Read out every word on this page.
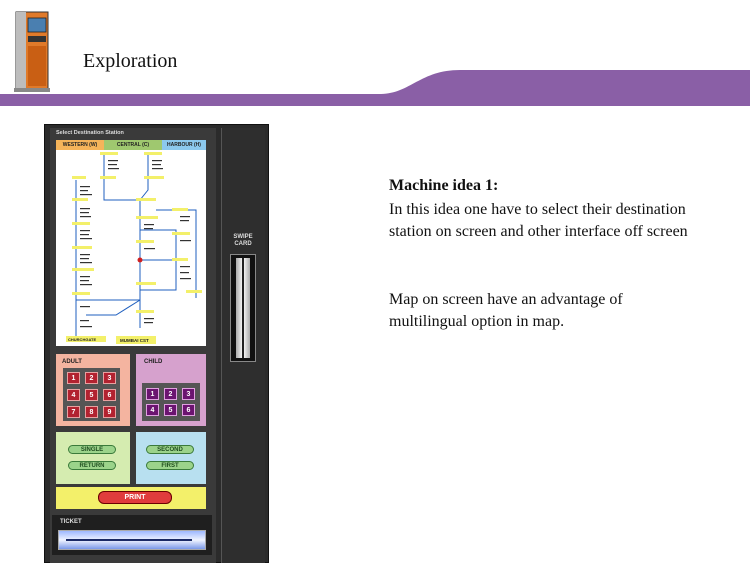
Exploration
Select Destination Station
WESTERN (W)	CENTRAL (C)	HARBOUR (H)
CHURCHGATE	MUMBAI CST
ADULT
1	2	3
4	5	6
7	8	9
CHILD
1	2	3
4	5	6
SINGLE
RETURN
SECOND
FIRST
PRINT
TICKET
SWIPE
CARD
Machine idea 1:
In this idea one have to select their destination station on screen and other interface off screen
Map on screen have an advantage of multilingual option in map.
